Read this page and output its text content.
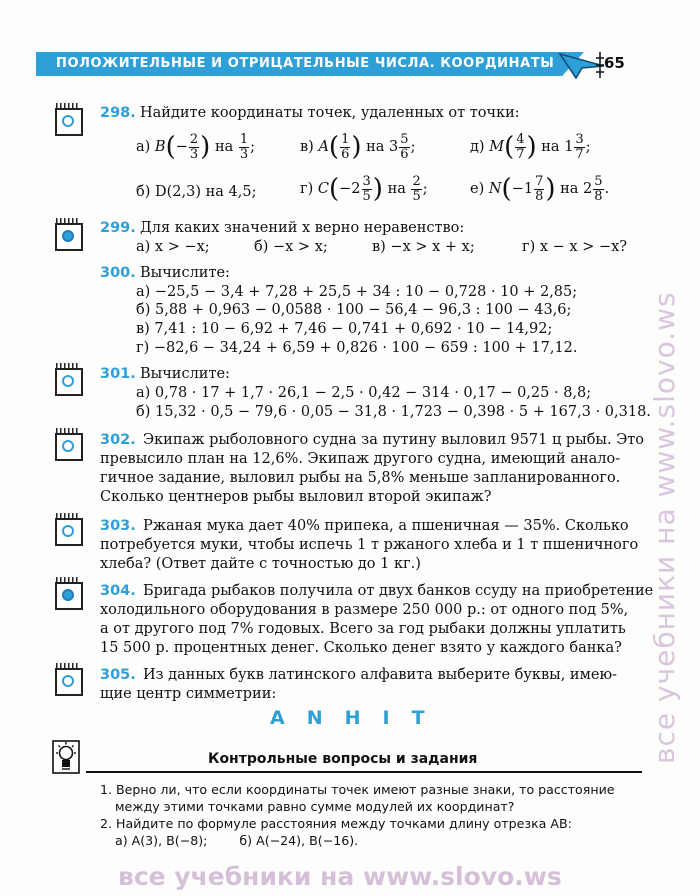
ПОЛОЖИТЕЛЬНЫЕ И ОТРИЦАТЕЛЬНЫЕ ЧИСЛА. КООРДИНАТЫ	65
все учебники на www.slovo.ws
все учебники на www.slovo.ws
298. Найдите координаты точек, удаленных от точки:
а) $B(- \frac{2}{3}$ ) на $\frac{1}{3}$ ;	в) $A( \frac{1}{6}$ ) на $3 \frac{5}{6}$ ;	д) $M( \frac{4}{7}$ ) на $1 \frac{3}{7}$ ;
б) D(2,3) на 4,5;	г) $C(-2 \frac{3}{5}$ ) на $\frac{2}{5}$ ;	е) $N(-1 \frac{7}{8}$ ) на $2 \frac{5}{8}$ .
299. Для каких значений x верно неравенство:
а) x > −x;	б) −x > x;	в) −x > x + x;	г) x − x > −x?
300. Вычислите:
а) −25,5 − 3,4 + 7,28 + 25,5 + 34 : 10 − 0,728 · 10 + 2,85;
б) 5,88 + 0,963 − 0,0588 · 100 − 56,4 − 96,3 : 100 − 43,6;
в) 7,41 : 10 − 6,92 + 7,46 − 0,741 + 0,692 · 10 − 14,92;
г) −82,6 − 34,24 + 6,59 + 0,826 · 100 − 659 : 100 + 17,12.
301. Вычислите:
а) 0,78 · 17 + 1,7 · 26,1 − 2,5 · 0,42 − 314 · 0,17 − 0,25 · 8,8;
б) 15,32 · 0,5 − 79,6 · 0,05 − 31,8 · 1,723 − 0,398 · 5 + 167,3 · 0,318.
302. Экипаж рыболовного судна за путину выловил 9571 ц рыбы. Это
превысило план на 12,6%. Экипаж другого судна, имеющий анало-
гичное задание, выловил рыбы на 5,8% меньше запланированного.
Сколько центнеров рыбы выловил второй экипаж?
303. Ржаная мука дает 40% припека, а пшеничная — 35%. Сколько
потребуется муки, чтобы испечь 1 т ржаного хлеба и 1 т пшеничного
хлеба? (Ответ дайте с точностью до 1 кг.)
304. Бригада рыбаков получила от двух банков ссуду на приобретение
холодильного оборудования в размере 250 000 р.: от одного под 5%,
а от другого под 7% годовых. Всего за год рыбаки должны уплатить
15 500 р. процентных денег. Сколько денег взято у каждого банка?
305. Из данных букв латинского алфавита выберите буквы, имею-
щие центр симметрии:
ANHIT
Контрольные вопросы и задания
1. Верно ли, что если координаты точек имеют разные знаки, то расстояние
между этими точками равно сумме модулей их координат?
2. Найдите по формуле расстояния между точками длину отрезка AB:
а) A(3), B(−8);        б) A(−24), B(−16).
